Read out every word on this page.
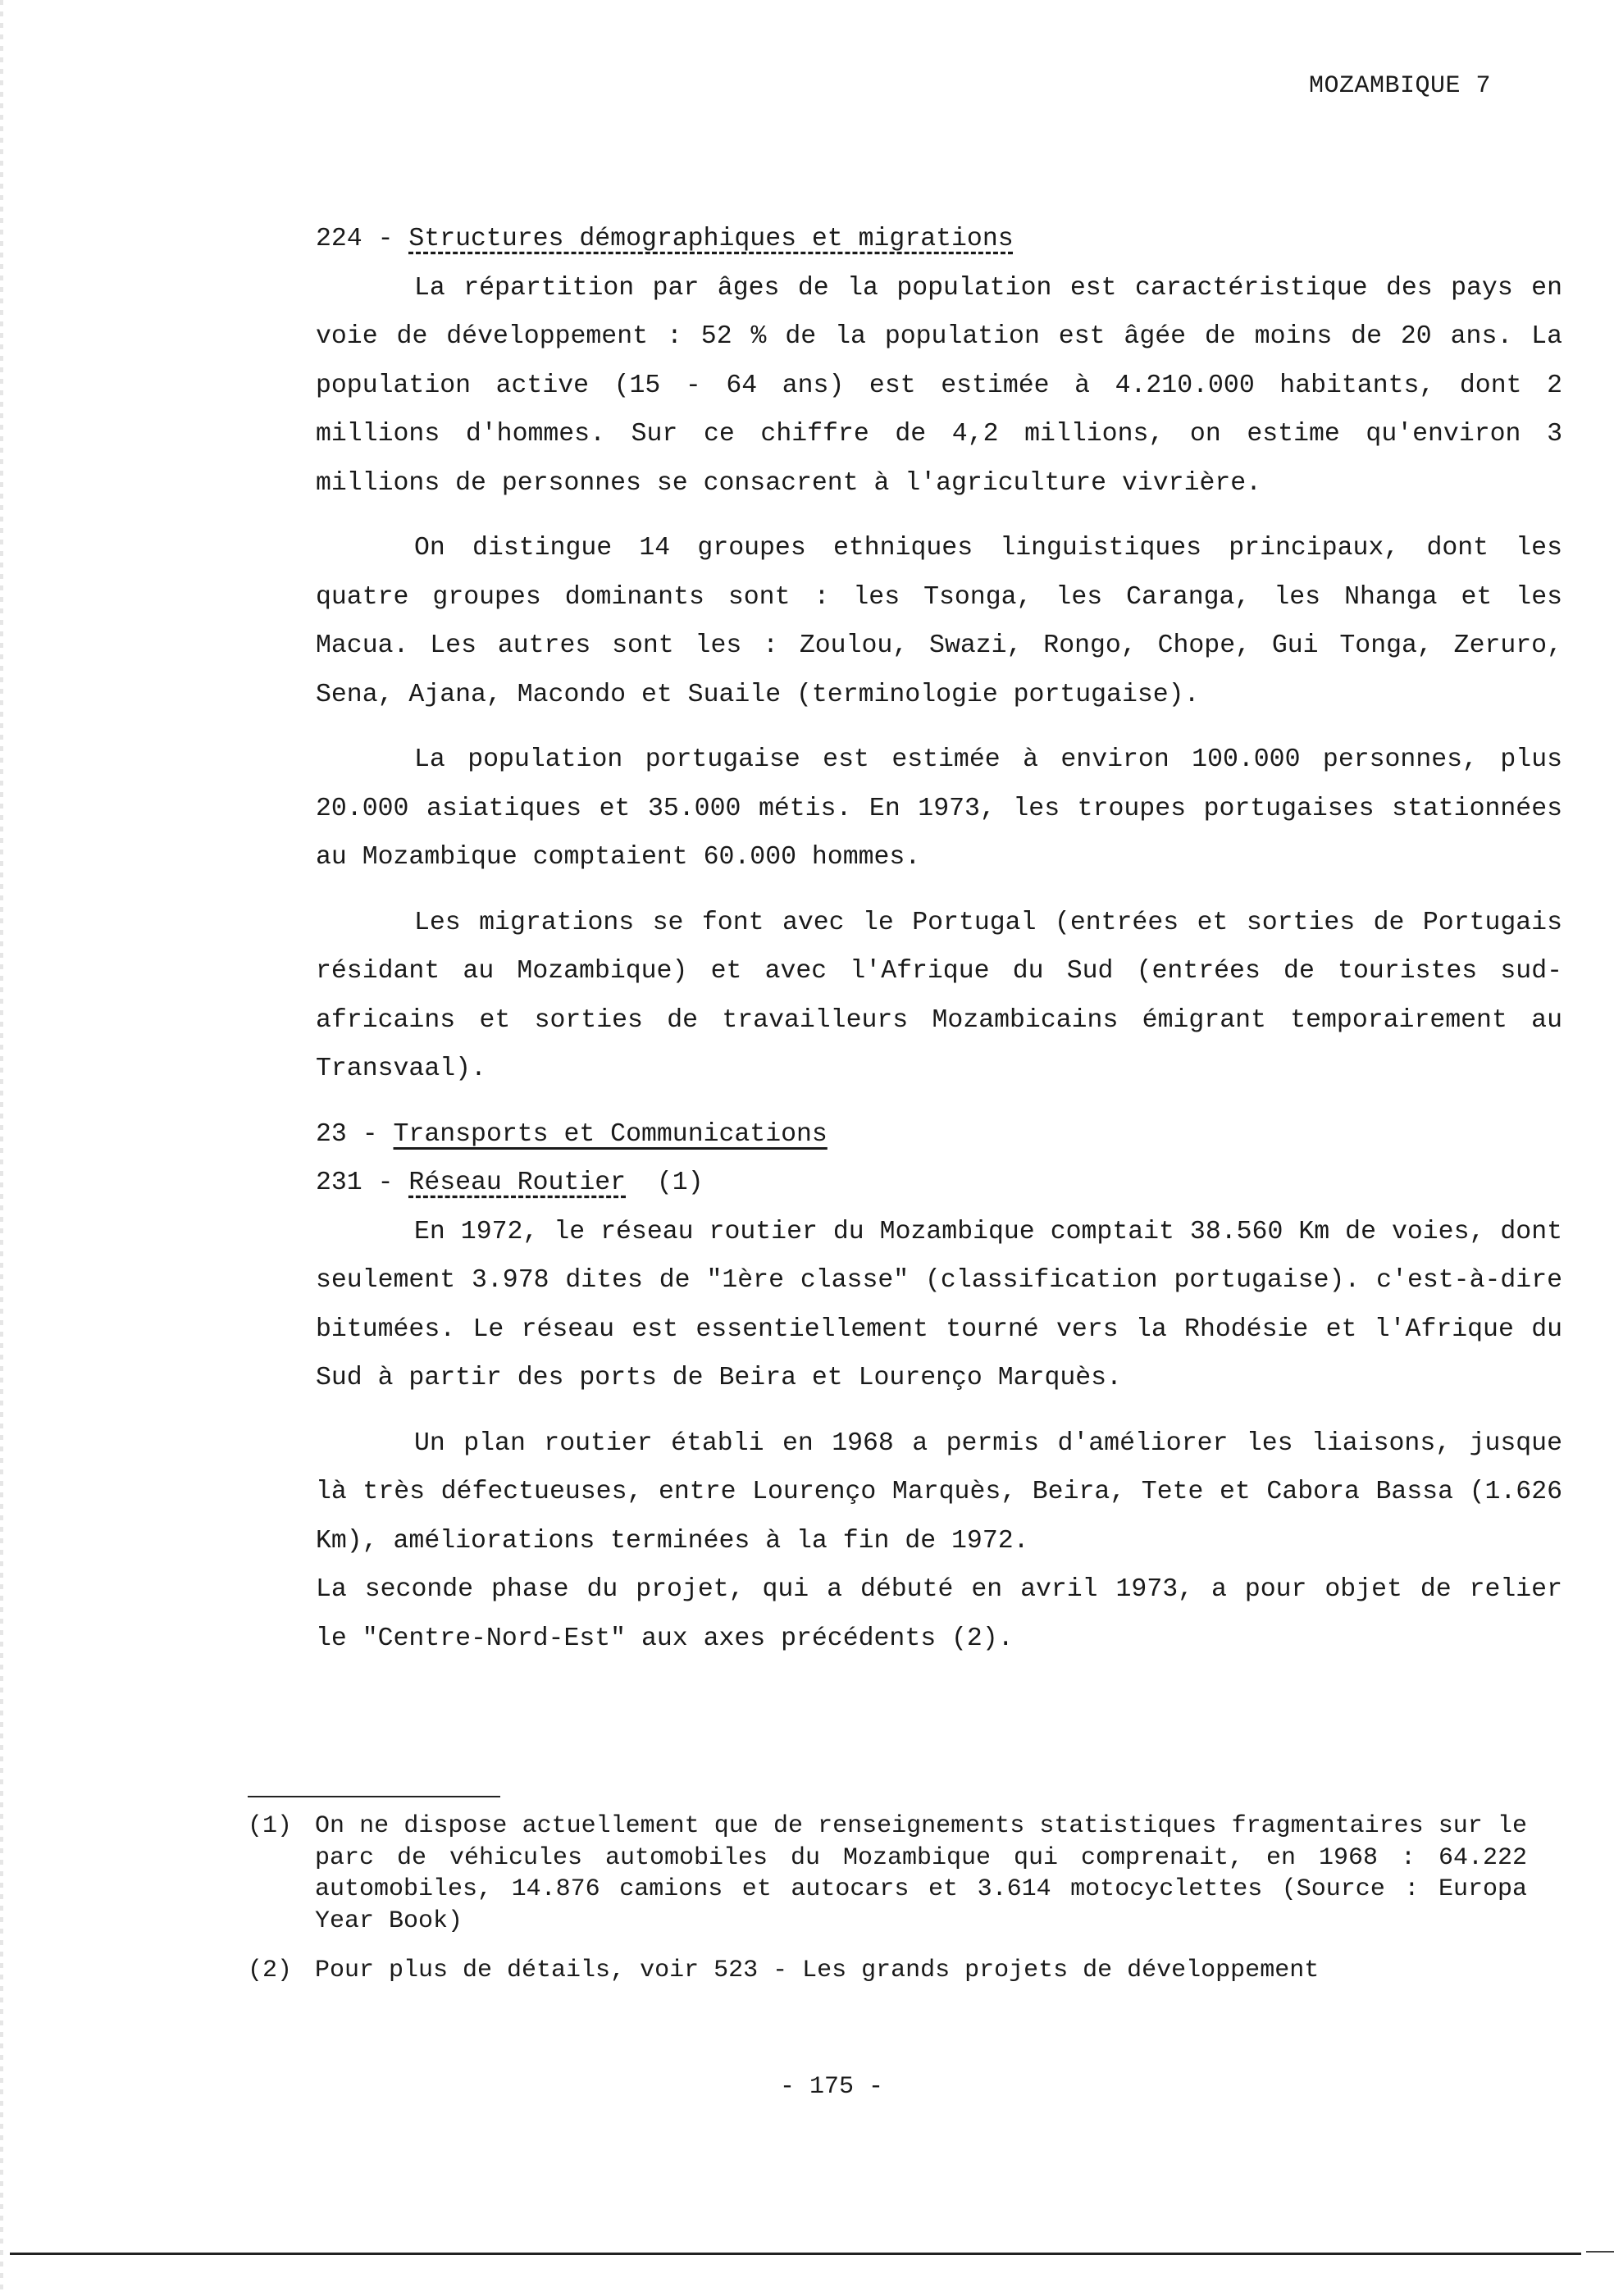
MOZAMBIQUE 7

224 - Structures démographiques et migrations

La répartition par âges de la population est caractéristique des pays en voie de développement : 52 % de la population est âgée de moins de 20 ans. La population active (15 - 64 ans) est estimée à 4.210.000 habitants, dont 2 millions d'hommes. Sur ce chiffre de 4,2 millions, on estime qu'environ 3 millions de personnes se consacrent à l'agriculture vivrière.

On distingue 14 groupes ethniques linguistiques principaux, dont les quatre groupes dominants sont : les Tsonga, les Caranga, les Nhanga et les Macua. Les autres sont les : Zoulou, Swazi, Rongo, Chope, Gui Tonga, Zeruro, Sena, Ajana, Macondo et Suaile (terminologie portugaise).

La population portugaise est estimée à environ 100.000 personnes, plus 20.000 asiatiques et 35.000 métis. En 1973, les troupes portugaises stationnées au Mozambique comptaient 60.000 hommes.

Les migrations se font avec le Portugal (entrées et sorties de Portugais résidant au Mozambique) et avec l'Afrique du Sud (entrées de touristes sud-africains et sorties de travailleurs Mozambicains émigrant temporairement au Transvaal).

23 - Transports et Communications

231 - Réseau Routier (1)

En 1972, le réseau routier du Mozambique comptait 38.560 Km de voies, dont seulement 3.978 dites de "1ère classe" (classification portugaise). c'est-à-dire bitumées. Le réseau est essentiellement tourné vers la Rhodésie et l'Afrique du Sud à partir des ports de Beira et Lourenço Marquès.

Un plan routier établi en 1968 a permis d'améliorer les liaisons, jusque là très défectueuses, entre Lourenço Marquès, Beira, Tete et Cabora Bassa (1.626 Km), améliorations terminées à la fin de 1972.

La seconde phase du projet, qui a débuté en avril 1973, a pour objet de relier le "Centre-Nord-Est" aux axes précédents (2).

(1) On ne dispose actuellement que de renseignements statistiques fragmentaires sur le parc de véhicules automobiles du Mozambique qui comprenait, en 1968 : 64.222 automobiles, 14.876 camions et autocars et 3.614 motocyclettes (Source : Europa Year Book)
(2) Pour plus de détails, voir 523 - Les grands projets de développement
- 175 -
